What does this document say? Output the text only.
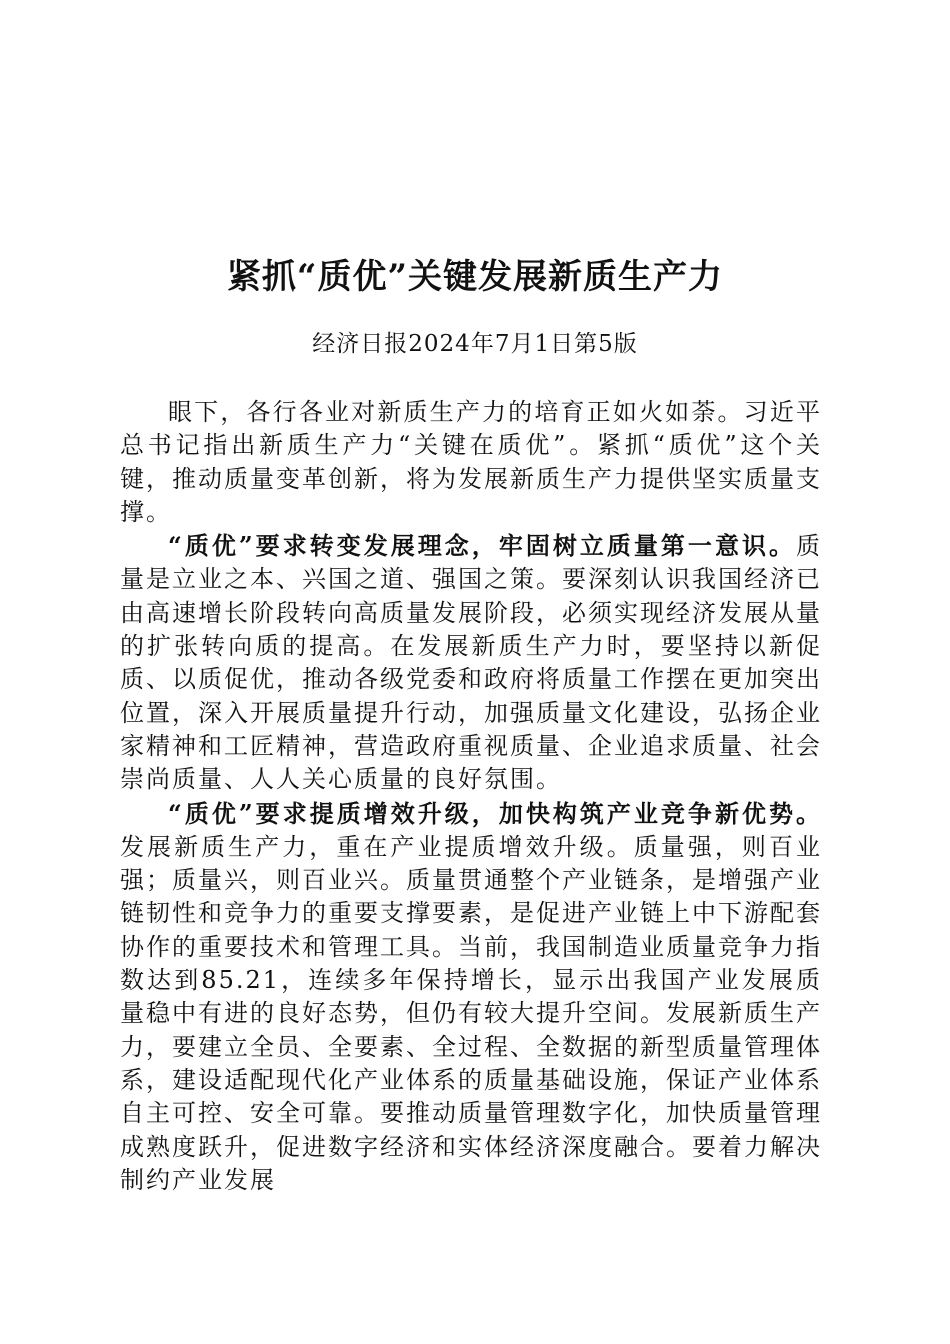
紧抓“质优”关键发展新质生产力
经济日报2024年7月1日第5版

眼下，各行各业对新质生产力的培育正如火如荼。习近平总书记指出新质生产力“关键在质优”。紧抓“质优”这个关键，推动质量变革创新，将为发展新质生产力提供坚实质量支撑。

“质优”要求转变发展理念，牢固树立质量第一意识。质量是立业之本、兴国之道、强国之策。要深刻认识我国经济已由高速增长阶段转向高质量发展阶段，必须实现经济发展从量的扩张转向质的提高。在发展新质生产力时，要坚持以新促质、以质促优，推动各级党委和政府将质量工作摆在更加突出位置，深入开展质量提升行动，加强质量文化建设，弘扬企业家精神和工匠精神，营造政府重视质量、企业追求质量、社会崇尚质量、人人关心质量的良好氛围。

“质优”要求提质增效升级，加快构筑产业竞争新优势。发展新质生产力，重在产业提质增效升级。质量强，则百业强；质量兴，则百业兴。质量贯通整个产业链条，是增强产业链韧性和竞争力的重要支撑要素，是促进产业链上中下游配套协作的重要技术和管理工具。当前，我国制造业质量竞争力指数达到85.21，连续多年保持增长，显示出我国产业发展质量稳中有进的良好态势，但仍有较大提升空间。发展新质生产力，要建立全员、全要素、全过程、全数据的新型质量管理体系，建设适配现代化产业体系的质量基础设施，保证产业体系自主可控、安全可靠。要推动质量管理数字化，加快质量管理成熟度跃升，促进数字经济和实体经济深度融合。要着力解决制约产业发展
